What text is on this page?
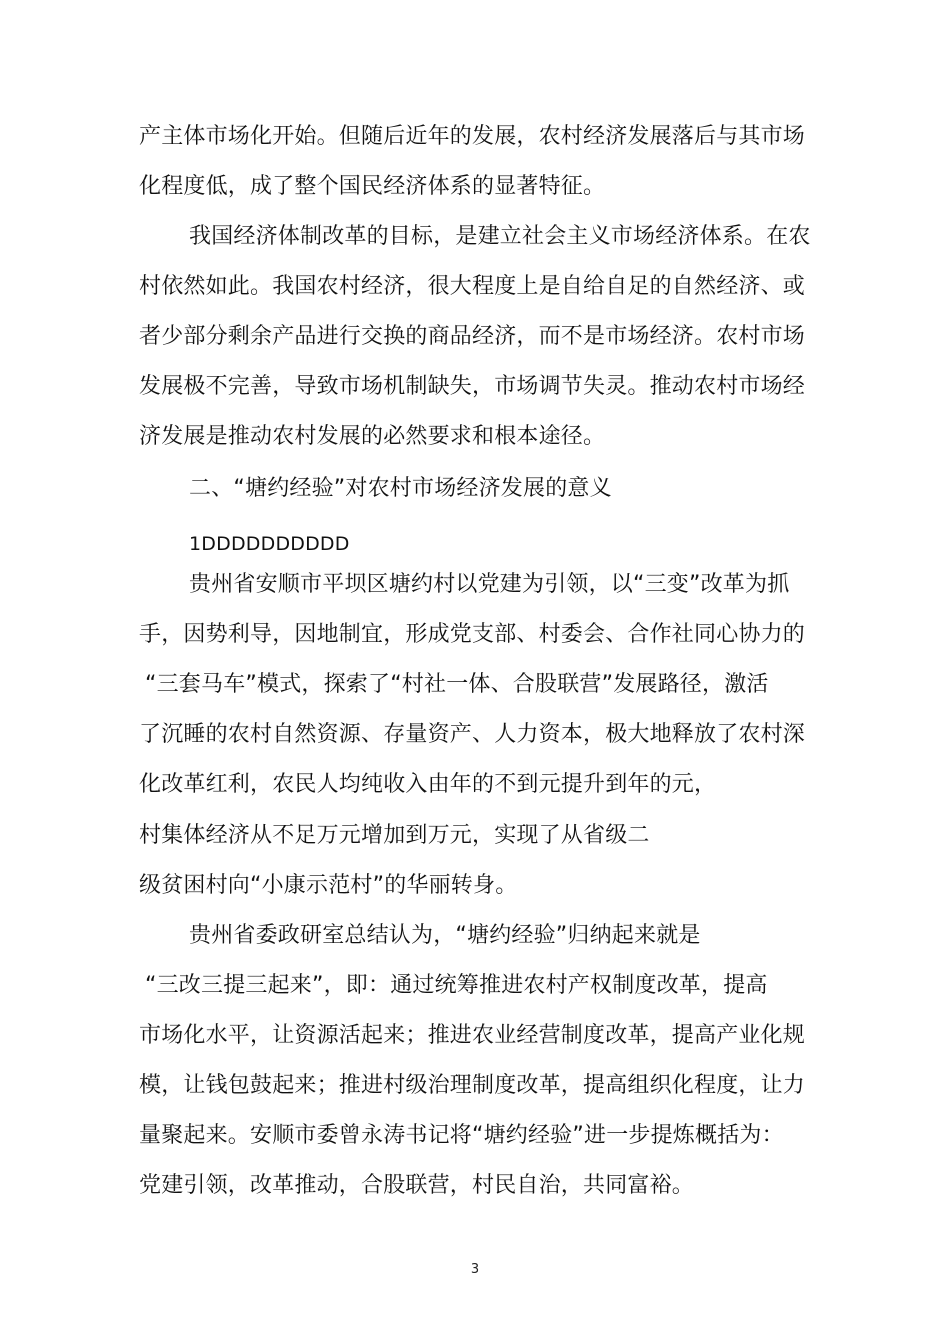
产主体市场化开始。但随后近年的发展，农村经济发展落后与其市场
化程度低，成了整个国民经济体系的显著特征。
我国经济体制改革的目标，是建立社会主义市场经济体系。在农
村依然如此。我国农村经济，很大程度上是自给自足的自然经济、或
者少部分剩余产品进行交换的商品经济，而不是市场经济。农村市场
发展极不完善，导致市场机制缺失，市场调节失灵。推动农村市场经
济发展是推动农村发展的必然要求和根本途径。
二、“塘约经验”对农村市场经济发展的意义
1DDDDDDDDDD
贵州省安顺市平坝区塘约村以党建为引领，以“三变”改革为抓
手，因势利导，因地制宜，形成党支部、村委会、合作社同心协力的
“三套马车”模式，探索了“村社一体、合股联营”发展路径，激活
了沉睡的农村自然资源、存量资产、人力资本，极大地释放了农村深
化改革红利，农民人均纯收入由年的不到元提升到年的元，
村集体经济从不足万元增加到万元，实现了从省级二
级贫困村向“小康示范村”的华丽转身。
贵州省委政研室总结认为，“塘约经验”归纳起来就是
“三改三提三起来”，即：通过统筹推进农村产权制度改革，提高
市场化水平，让资源活起来；推进农业经营制度改革，提高产业化规
模，让钱包鼓起来；推进村级治理制度改革，提高组织化程度，让力
量聚起来。安顺市委曾永涛书记将“塘约经验”进一步提炼概括为：
党建引领，改革推动，合股联营，村民自治，共同富裕。
3
